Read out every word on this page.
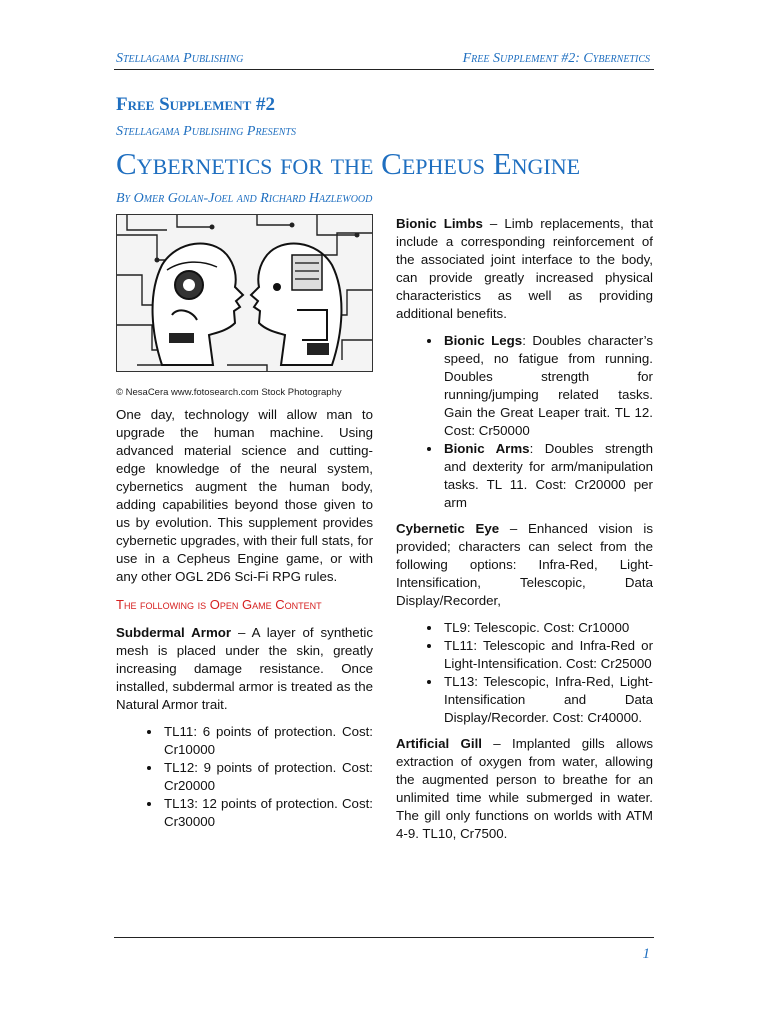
Stellagama Publishing	Free Supplement #2: Cybernetics
Free Supplement #2
Stellagama Publishing Presents
Cybernetics for the Cepheus Engine
By Omer Golan-Joel and Richard Hazlewood
© NesaCera www.fotosearch.com Stock Photography

One day, technology will allow man to upgrade the human machine. Using advanced material science and cutting-edge knowledge of the neural system, cybernetics augment the human body, adding capabilities beyond those given to us by evolution. This supplement provides cybernetic upgrades, with their full stats, for use in a Cepheus Engine game, or with any other OGL 2D6 Sci-Fi RPG rules.

The following is Open Game Content

Subdermal Armor – A layer of synthetic mesh is placed under the skin, greatly increasing damage resistance. Once installed, subdermal armor is treated as the Natural Armor trait.

• TL11: 6 points of protection. Cost: Cr10000
• TL12: 9 points of protection. Cost: Cr20000
• TL13: 12 points of protection. Cost: Cr30000

Bionic Limbs – Limb replacements, that include a corresponding reinforcement of the associated joint interface to the body, can provide greatly increased physical characteristics as well as providing additional benefits.

• Bionic Legs: Doubles character’s speed, no fatigue from running. Doubles strength for running/jumping related tasks. Gain the Great Leaper trait. TL 12. Cost: Cr50000
• Bionic Arms: Doubles strength and dexterity for arm/manipulation tasks. TL 11. Cost: Cr20000 per arm

Cybernetic Eye – Enhanced vision is provided; characters can select from the following options: Infra-Red, Light-Intensification, Telescopic, Data Display/Recorder,

• TL9: Telescopic. Cost: Cr10000
• TL11: Telescopic and Infra-Red or Light-Intensification. Cost: Cr25000
• TL13: Telescopic, Infra-Red, Light-Intensification and Data Display/Recorder. Cost: Cr40000.

Artificial Gill – Implanted gills allows extraction of oxygen from water, allowing the augmented person to breathe for an unlimited time while submerged in water. The gill only functions on worlds with ATM 4-9. TL10, Cr7500.

1
